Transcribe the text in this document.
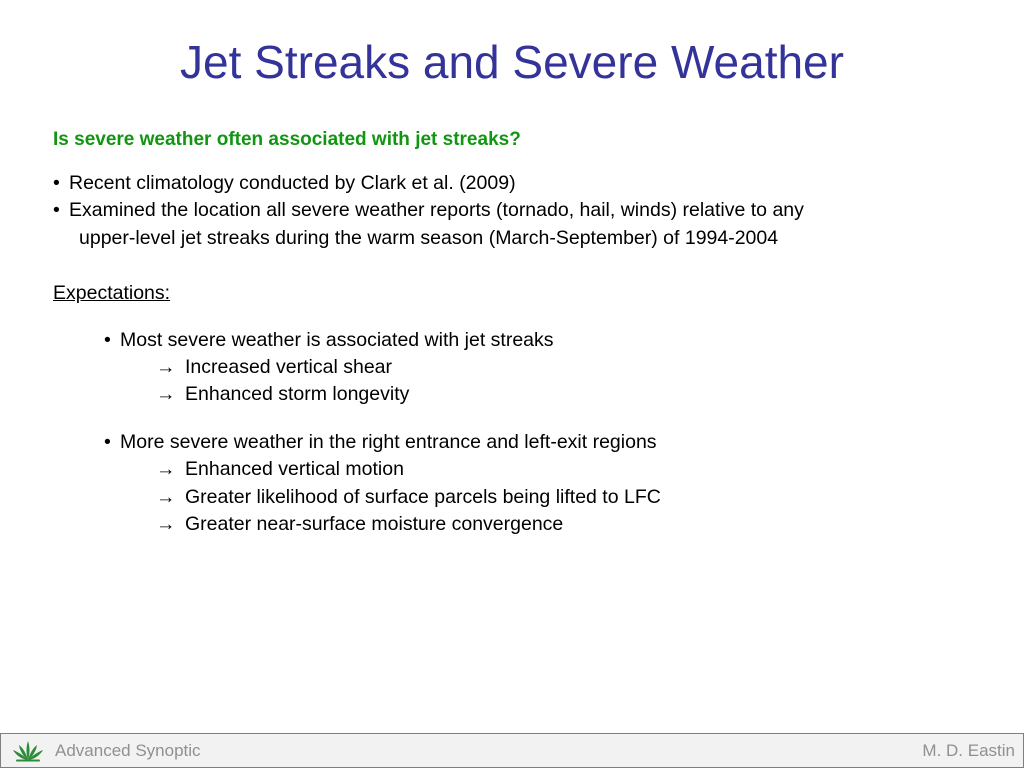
Jet Streaks and Severe Weather
Is severe weather often associated with jet streaks?
• Recent climatology conducted by Clark et al. (2009)
• Examined the location all severe weather reports (tornado, hail, winds) relative to any
upper-level jet streaks during the warm season (March-September) of 1994-2004
Expectations:
• Most severe weather is associated with jet streaks
→ Increased vertical shear
→ Enhanced storm longevity
• More severe weather in the right entrance and left-exit regions
→ Enhanced vertical motion
→ Greater likelihood of surface parcels being lifted to LFC
→ Greater near-surface moisture convergence
Advanced Synoptic	M. D. Eastin
